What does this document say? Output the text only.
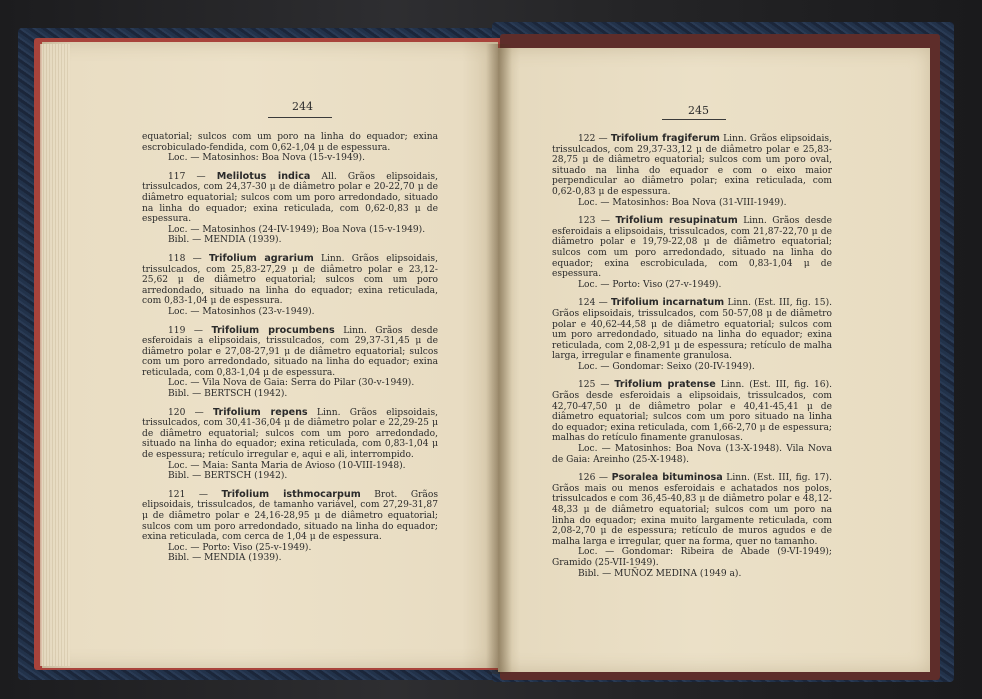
244	245

equatorial; sulcos com um poro na linha do equador; exina escrobiculado-fendida, com 0,62-1,04 μ de espessura.

Loc. — Matosinhos: Boa Nova (15-v-1949).

117 — Melilotus indica All. Grãos elipsoidais, trissulcados, com 24,37-30 μ de diâmetro polar e 20-22,70 μ de diâmetro equatorial; sulcos com um poro arredondado, situado na linha do equador; exina reticulada, com 0,62-0,83 μ de espessura.

Loc. — Matosinhos (24-IV-1949); Boa Nova (15-v-1949).

Bibl. — MENDIA (1939).

118 — Trifolium agrarium Linn. Grãos elipsoidais, trissulcados, com 25,83-27,29 μ de diâmetro polar e 23,12-25,62 μ de diâmetro equatorial; sulcos com um poro arredondado, situado na linha do equador; exina reticulada, com 0,83-1,04 μ de espessura.

Loc. — Matosinhos (23-v-1949).

119 — Trifolium procumbens Linn. Grãos desde esferoidais a elipsoidais, trissulcados, com 29,37-31,45 μ de diâmetro polar e 27,08-27,91 μ de diâmetro equatorial; sulcos com um poro arredondado, situado na linha do equador; exina reticulada, com 0,83-1,04 μ de espessura.

Loc. — Vila Nova de Gaia: Serra do Pilar (30-v-1949).

Bibl. — BERTSCH (1942).

120 — Trifolium repens Linn. Grãos elipsoidais, trissulcados, com 30,41-36,04 μ de diâmetro polar e 22,29-25 μ de diâmetro equatorial; sulcos com um poro arredondado, situado na linha do equador; exina reticulada, com 0,83-1,04 μ de espessura; retículo irregular e, aqui e ali, interrompido.

Loc. — Maia: Santa Maria de Avioso (10-VIII-1948).

Bibl. — BERTSCH (1942).

121 — Trifolium isthmocarpum Brot. Grãos elipsoidais, trissulcados, de tamanho variável, com 27,29-31,87 μ de diâmetro polar e 24,16-28,95 μ de diâmetro equatorial; sulcos com um poro arredondado, situado na linha do equador; exina reticulada, com cerca de 1,04 μ de espessura.

Loc. — Porto: Viso (25-v-1949).

Bibl. — MENDIA (1939).

122 — Trifolium fragiferum Linn. Grãos elipsoidais, trissulcados, com 29,37-33,12 μ de diâmetro polar e 25,83-28,75 μ de diâmetro equatorial; sulcos com um poro oval, situado na linha do equador e com o eixo maior perpendicular ao diâmetro polar; exina reticulada, com 0,62-0,83 μ de espessura.

Loc. — Matosinhos: Boa Nova (31-VIII-1949).

123 — Trifolium resupinatum Linn. Grãos desde esferoidais a elipsoidais, trissulcados, com 21,87-22,70 μ de diâmetro polar e 19,79-22,08 μ de diâmetro equatorial; sulcos com um poro arredondado, situado na linha do equador; exina escrobiculada, com 0,83-1,04 μ de espessura.

Loc. — Porto: Viso (27-v-1949).

124 — Trifolium incarnatum Linn. (Est. III, fig. 15). Grãos elipsoidais, trissulcados, com 50-57,08 μ de diâmetro polar e 40,62-44,58 μ de diâmetro equatorial; sulcos com um poro arredondado, situado na linha do equador; exina reticulada, com 2,08-2,91 μ de espessura; retículo de malha larga, irregular e finamente granulosa.

Loc. — Gondomar: Seixo (20-IV-1949).

125 — Trifolium pratense Linn. (Est. III, fig. 16). Grãos desde esferoidais a elipsoidais, trissulcados, com 42,70-47,50 μ de diâmetro polar e 40,41-45,41 μ de diâmetro equatorial; sulcos com um poro situado na linha do equador; exina reticulada, com 1,66-2,70 μ de espessura; malhas do retículo finamente granulosas.

Loc. — Matosinhos: Boa Nova (13-X-1948). Vila Nova de Gaia: Areinho (25-X-1948).

126 — Psoralea bituminosa Linn. (Est. III, fig. 17). Grãos mais ou menos esferoidais e achatados nos polos, trissulcados e com 36,45-40,83 μ de diâmetro polar e 48,12-48,33 μ de diâmetro equatorial; sulcos com um poro na linha do equador; exina muito largamente reticulada, com 2,08-2,70 μ de espessura; retículo de muros agudos e de malha larga e irregular, quer na forma, quer no tamanho.

Loc. — Gondomar: Ribeira de Abade (9-VI-1949); Gramido (25-VII-1949).

Bibl. — MUÑOZ MEDINA (1949 a).
